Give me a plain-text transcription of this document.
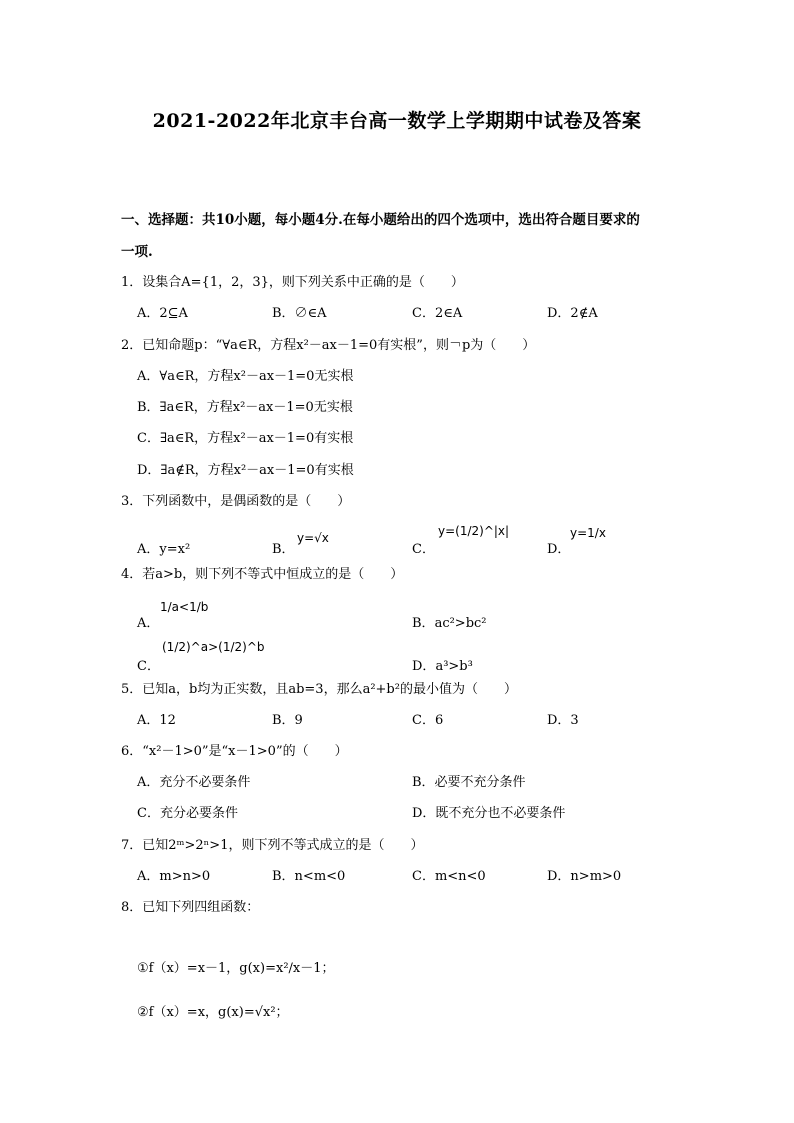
2021-2022年北京丰台高一数学上学期期中试卷及答案
一、选择题：共10小题，每小题4分.在每小题给出的四个选项中，选出符合题目要求的
一项.
1．设集合A={1，2，3}，则下列关系中正确的是（　　）
A．2⊆A	B．∅∈A	C．2∈A	D．2∉A
2．已知命题p：“∀a∈R，方程x²－ax－1=0有实根”，则￢p为（　　）
A．∀a∈R，方程x²－ax－1=0无实根
B．∃a∈R，方程x²－ax－1=0无实根
C．∃a∈R，方程x²－ax－1=0有实根
D．∃a∉R，方程x²－ax－1=0有实根
3．下列函数中，是偶函数的是（　　）
A．y=x²	B．
y=√x
C．
y=(1/2)^|x|
D．
y=1/x
4．若a>b，则下列不等式中恒成立的是（　　）
A．
1/a<1/b
B．ac²>bc²
C．
(1/2)^a>(1/2)^b
D．a³>b³
5．已知a，b均为正实数，且ab=3，那么a²+b²的最小值为（　　）
A．12	B．9	C．6	D．3
6．“x²－1>0”是“x－1>0”的（　　）
A．充分不必要条件	B．必要不充分条件
C．充分必要条件	D．既不充分也不必要条件
7．已知2ᵐ>2ⁿ>1，则下列不等式成立的是（　　）
A．m>n>0	B．n<m<0	C．m<n<0	D．n>m>0
8．已知下列四组函数：
①f（x）=x－1，g(x)=x²/x－1；
②f（x）=x，g(x)=√x²；
